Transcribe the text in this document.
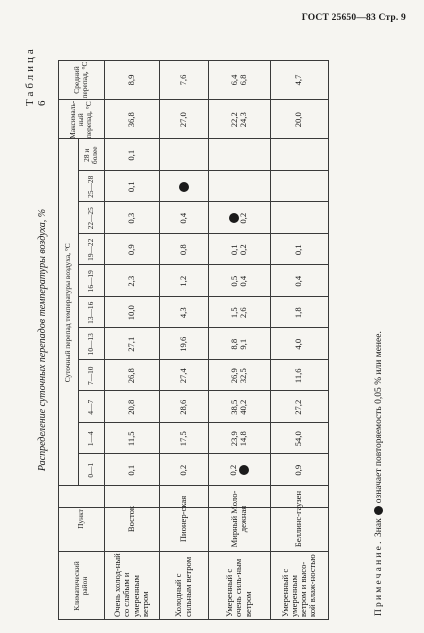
ГОСТ 25650—83 Стр. 9
Таблица 6
Распределение суточных перепадов температуры воздуха, %
Климатический район
Пункт
Суточный перепад температуры воздуха, °С
0—1
1—4
4—7
7—10
10—13
13—16
16—19
19—22
22—25
25—28
28 и более
Максималь-ный перепад, °С
Средний перепад, °С
Очень холод-ный со слабым и умеренным ветром
Восток
0,1
11,5
20,8
26,8
27,1
10,0
2,3
0,9
0,3
0,1
0,1
36,8
8,9
Холодный с сильным ветром
Пионер-ская
0,2
17,5
28,6
27,4
19,6
4,3
1,2
0,8
0,4
27,0
7,6
Умеренный с очень силь-ным ветром
Мирный Моло-дежная
0,2
23,9 14,8
38,5 40,2
26,9 32,5
8,8 9,1
1,5 2,6
0,5 0,4
0,1 0,2
0,2
22,2 24,3
6,4 6,8
Умеренный с умеренным ветром и высо-кой влаж-ностью
Беллинс-гаузен
0,9
54,0
27,2
11,6
4,0
1,8
0,4
0,1
20,0
4,7
Примечание. Знакозначает повторяемость 0,05 % или менее.
